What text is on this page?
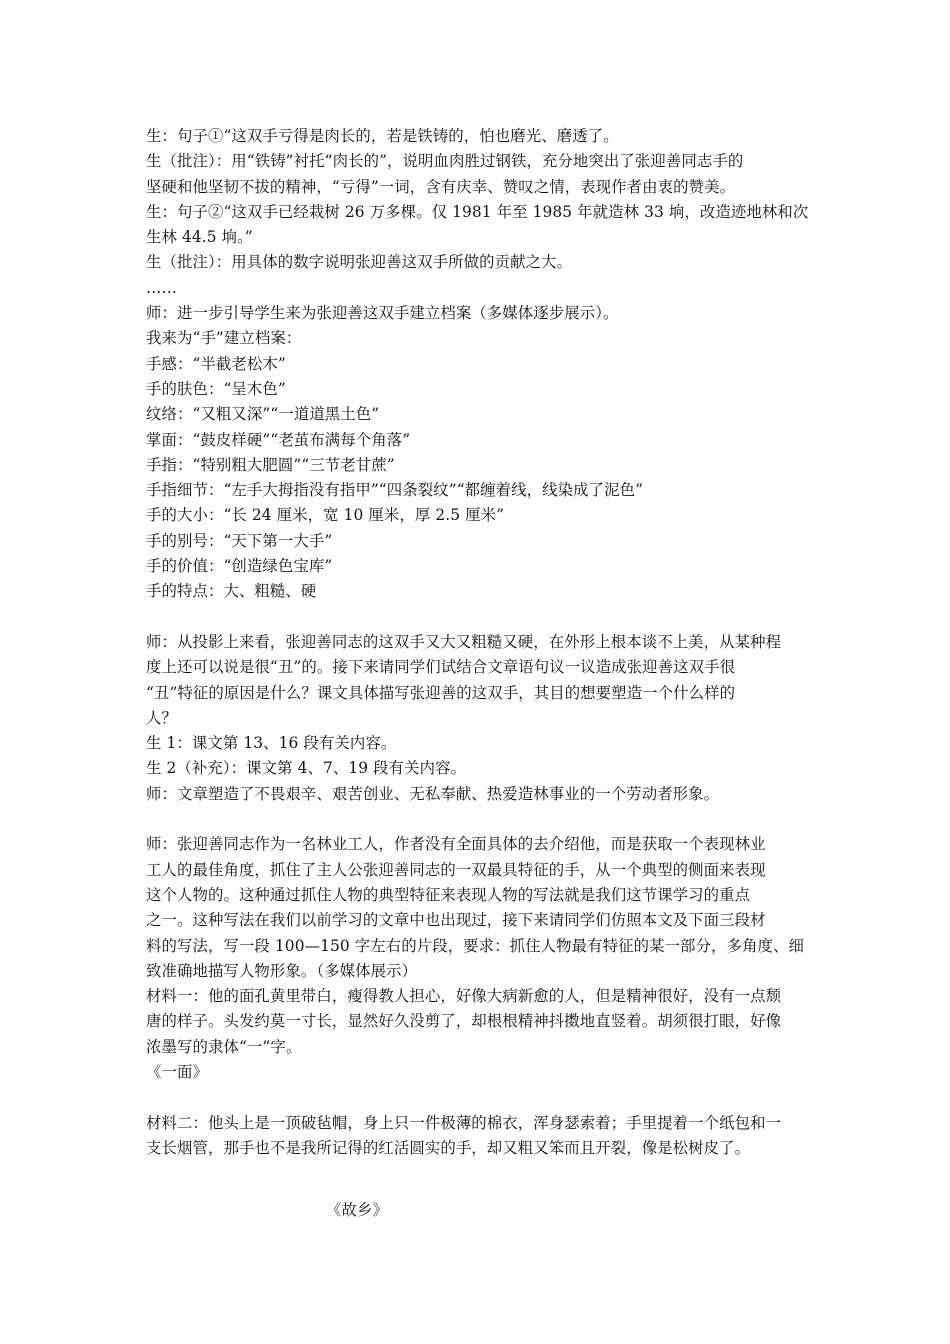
生：句子①“这双手亏得是肉长的，若是铁铸的，怕也磨光、磨透了。
生（批注）：用“铁铸”衬托“肉长的”，说明血肉胜过钢铁，充分地突出了张迎善同志手的
坚硬和他坚韧不拔的精神，“亏得”一词，含有庆幸、赞叹之情，表现作者由衷的赞美。
生：句子②“这双手已经栽树 26 万多棵。仅 1981 年至 1985 年就造林 33 垧，改造迹地林和次
生林 44.5 垧。”
生（批注）：用具体的数字说明张迎善这双手所做的贡献之大。
……
师：进一步引导学生来为张迎善这双手建立档案（多媒体逐步展示）。
我来为“手”建立档案：
手感：“半截老松木”
手的肤色：“呈木色”
纹络：“又粗又深”“一道道黑土色”
掌面：“鼓皮样硬”“老茧布满每个角落”
手指：“特别粗大肥圆”“三节老甘蔗”
手指细节：“左手大拇指没有指甲”“四条裂纹”“都缠着线，线染成了泥色”
手的大小：“长 24 厘米，宽 10 厘米，厚 2.5 厘米”
手的别号：“天下第一大手”
手的价值：“创造绿色宝库”
手的特点：大、粗糙、硬
师：从投影上来看，张迎善同志的这双手又大又粗糙又硬，在外形上根本谈不上美，从某种程
度上还可以说是很“丑”的。接下来请同学们试结合文章语句议一议造成张迎善这双手很
“丑”特征的原因是什么？课文具体描写张迎善的这双手，其目的想要塑造一个什么样的
人？
生 1：课文第 13、16 段有关内容。
生 2（补充）：课文第 4、7、19 段有关内容。
师：文章塑造了不畏艰辛、艰苦创业、无私奉献、热爱造林事业的一个劳动者形象。
师：张迎善同志作为一名林业工人，作者没有全面具体的去介绍他，而是获取一个表现林业
工人的最佳角度，抓住了主人公张迎善同志的一双最具特征的手，从一个典型的侧面来表现
这个人物的。这种通过抓住人物的典型特征来表现人物的写法就是我们这节课学习的重点
之一。这种写法在我们以前学习的文章中也出现过，接下来请同学们仿照本文及下面三段材
料的写法，写一段 100—150 字左右的片段，要求：抓住人物最有特征的某一部分，多角度、细
致准确地描写人物形象。（多媒体展示）
材料一：他的面孔黄里带白，瘦得教人担心，好像大病新愈的人，但是精神很好，没有一点颓
唐的样子。头发约莫一寸长，显然好久没剪了，却根根精神抖擞地直竖着。胡须很打眼，好像
浓墨写的隶体“一”字。
《一面》
材料二：他头上是一顶破毡帽，身上只一件极薄的棉衣，浑身瑟索着；手里提着一个纸包和一
支长烟管，那手也不是我所记得的红活圆实的手，却又粗又笨而且开裂，像是松树皮了。
《故乡》
